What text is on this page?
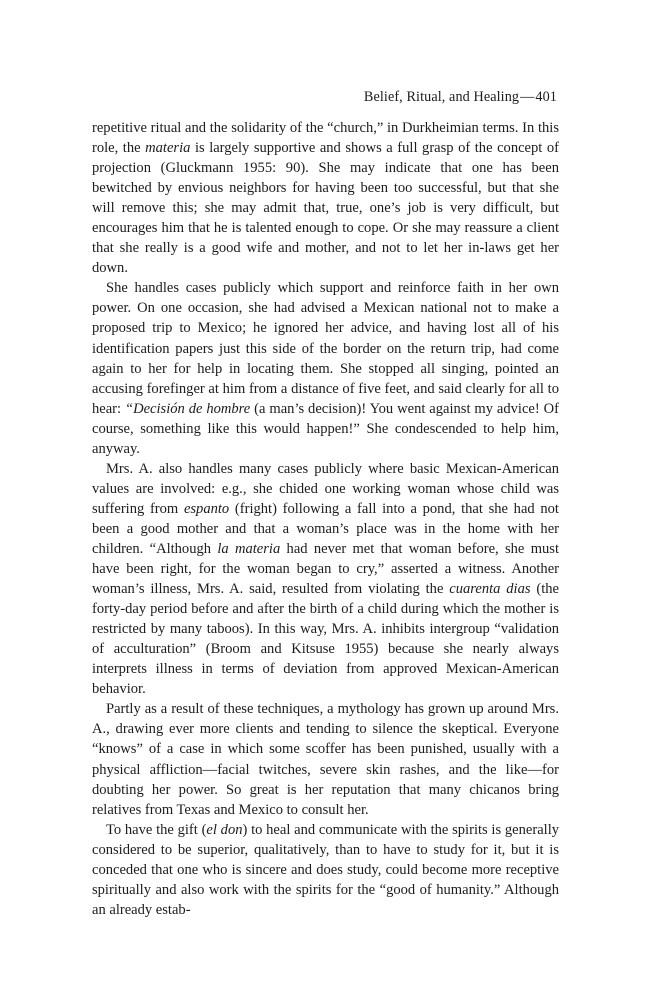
Belief, Ritual, and Healing—401

repetitive ritual and the solidarity of the “church,” in Durkheimian terms. In this role, the materia is largely supportive and shows a full grasp of the concept of projection (Gluckmann 1955: 90). She may indicate that one has been bewitched by envious neighbors for having been too successful, but that she will remove this; she may admit that, true, one’s job is very difficult, but encourages him that he is talented enough to cope. Or she may reassure a client that she really is a good wife and mother, and not to let her in-laws get her down.

She handles cases publicly which support and reinforce faith in her own power. On one occasion, she had advised a Mexican national not to make a proposed trip to Mexico; he ignored her advice, and having lost all of his identification papers just this side of the border on the return trip, had come again to her for help in locating them. She stopped all singing, pointed an accusing forefinger at him from a distance of five feet, and said clearly for all to hear: “Decisión de hombre (a man’s decision)! You went against my advice! Of course, something like this would happen!” She condescended to help him, anyway.

Mrs. A. also handles many cases publicly where basic Mexican-American values are involved: e.g., she chided one working woman whose child was suffering from espanto (fright) following a fall into a pond, that she had not been a good mother and that a woman’s place was in the home with her children. “Although la materia had never met that woman before, she must have been right, for the woman began to cry,” asserted a witness. Another woman’s illness, Mrs. A. said, resulted from violating the cuarenta dias (the forty-day period before and after the birth of a child during which the mother is restricted by many taboos). In this way, Mrs. A. inhibits intergroup “validation of acculturation” (Broom and Kitsuse 1955) because she nearly always interprets illness in terms of deviation from approved Mexican-American behavior.

Partly as a result of these techniques, a mythology has grown up around Mrs. A., drawing ever more clients and tending to silence the skeptical. Everyone “knows” of a case in which some scoffer has been punished, usually with a physical affliction—facial twitches, severe skin rashes, and the like—for doubting her power. So great is her reputation that many chicanos bring relatives from Texas and Mexico to consult her.

To have the gift (el don) to heal and communicate with the spirits is generally considered to be superior, qualitatively, than to have to study for it, but it is conceded that one who is sincere and does study, could become more receptive spiritually and also work with the spirits for the “good of humanity.” Although an already estab-
